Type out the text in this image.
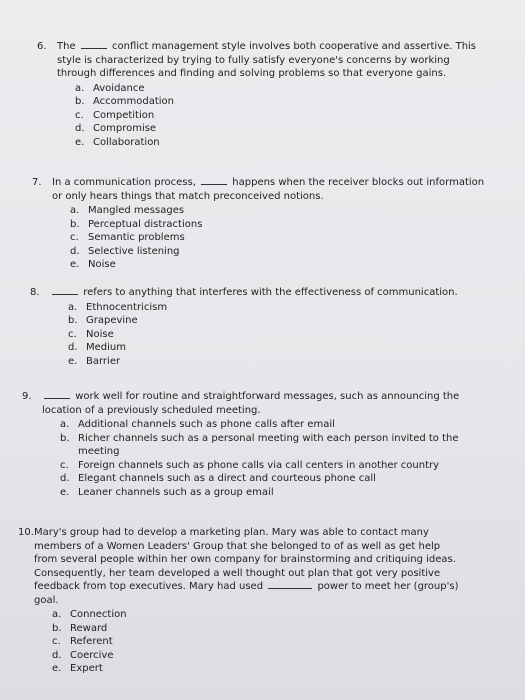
6. The	conflict management style involves both cooperative and assertive. This style is characterized by trying to fully satisfy everyone's concerns by working through differences and finding and solving problems so that everyone gains.
a. Avoidance
b. Accommodation
c. Competition
d. Compromise
e. Collaboration
7. In a communication process,	happens when the receiver blocks out information or only hears things that match preconceived notions.
a. Mangled messages
b. Perceptual distractions
c. Semantic problems
d. Selective listening
e. Noise
8.	refers to anything that interferes with the effectiveness of communication.
a. Ethnocentricism
b. Grapevine
c. Noise
d. Medium
e. Barrier
9.	work well for routine and straightforward messages, such as announcing the location of a previously scheduled meeting.
a. Additional channels such as phone calls after email
b. Richer channels such as a personal meeting with each person invited to the meeting
c. Foreign channels such as phone calls via call centers in another country
d. Elegant channels such as a direct and courteous phone call
e. Leaner channels such as a group email
10. Mary's group had to develop a marketing plan. Mary was able to contact many members of a Women Leaders' Group that she belonged to of as well as get help from several people within her own company for brainstorming and critiquing ideas. Consequently, her team developed a well thought out plan that got very positive feedback from top executives. Mary had used	power to meet her (group's) goal.
a. Connection
b. Reward
c. Referent
d. Coercive
e. Expert
